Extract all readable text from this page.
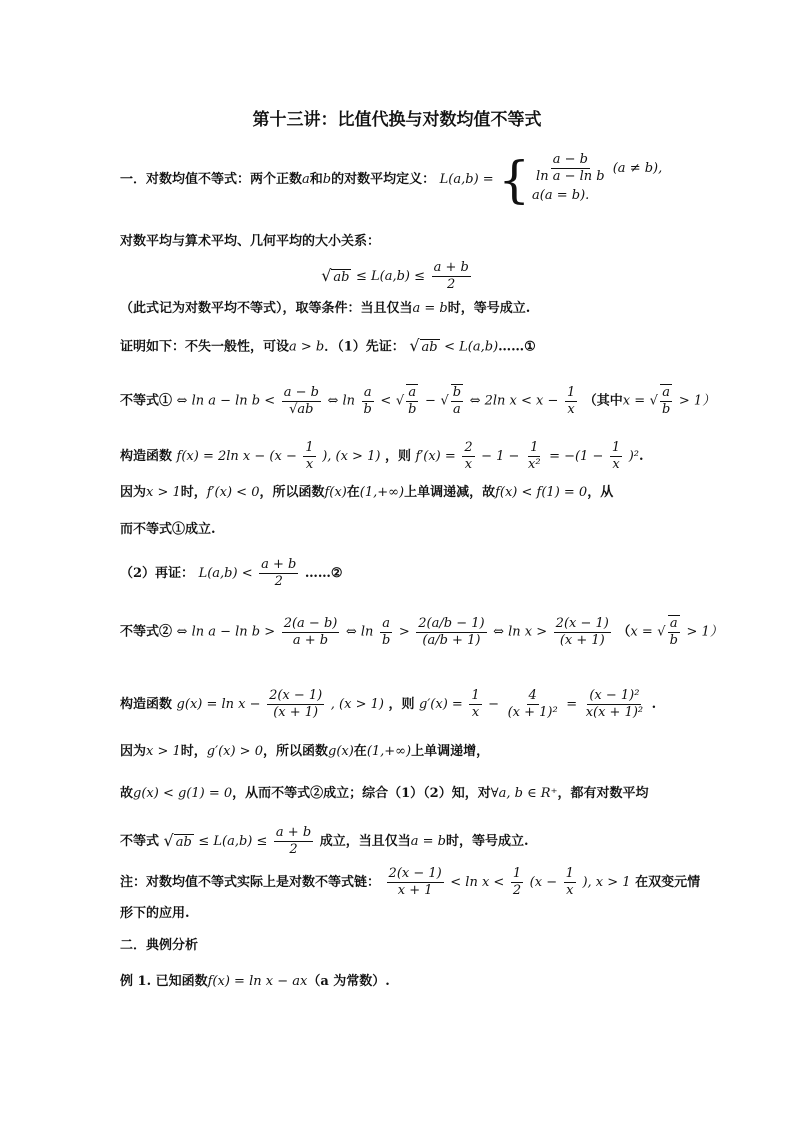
第十三讲：比值代换与对数均值不等式
一．对数均值不等式：两个正数a和b的对数平均定义： L(a,b) = { $\frac{a - b}{\text{ln a − ln b}} (a \ne b)$,
a(a = b).
对数平均与算术平均、几何平均的大小关系：
√ ab ≤ $L(a,b) \le \frac{a + b}{2}$
（此式记为对数平均不等式），取等条件：当且仅当a = b时，等号成立.
证明如下：不失一般性，可设a > b．（1）先证： √ ab < L(a,b)……①
不等式① ⇔ $\ln a - \ln b < \frac{a - b}{√ab}$ ⇔ $\ln \frac{a}{b}$ < √ $\frac{a}{b}$ − √ $\frac{b}{a}$ ⇔ 2ln $x < x - \frac{1}{x}$ （其中x = √ $\frac{a}{b} > 1$）
构造函数 f(x) = 2ln $x - (x - \frac{1}{x}$ ), (x > 1) ，则 $f'(x) = \frac{2}{x} - 1 - \frac{1}{\text{x²}} = -(1 - \frac{1}{x} )^2$.
因为x > 1时，f′(x) < 0，所以函数f(x)在(1,+∞)上单调递减，故f(x) < f(1) = 0，从
而不等式①成立.
（2）再证： $L(a,b) < \frac{a + b}{2}$ ……②
不等式② ⇔ $\ln a - \ln b > \frac{2(a - b)}{a + b}$ ⇔ $\ln \frac{a}{b} > \frac{2(a/b - 1)}{(a/b + 1)}$ ⇔ $\ln x > \frac{2(x - 1)}{(x + 1)} (x$ = √ $\frac{a}{b} > 1$）
构造函数 $g(x) = \ln x - \frac{2(x - 1)}{(x + 1)}$ , (x > 1) ，则 $g'(x) = \frac{1}{x} - \frac{4}{\text{(x + 1)²}} = \frac{\text{(x − 1)²}}{\text{x(x + 1)²}}$ .
因为x > 1时，g′(x) > 0，所以函数g(x)在(1,+∞)上单调递增，
故g(x) < g(1) = 0，从而不等式②成立；综合（1）（2）知，对∀a, b ∈ R⁺，都有对数平均
不等式 √ ab ≤ $L(a,b) \le \frac{a + b}{2}$ 成立，当且仅当a = b时，等号成立.
注：对数均值不等式实际上是对数不等式链： $\frac{2(x - 1)}{x + 1} < \ln x < \frac{1}{2} (x - \frac{1}{x}$ ), x > 1 在双变元情
形下的应用.
二．典例分析
例 1. 已知函数f(x) = ln x − ax（a 为常数）.
